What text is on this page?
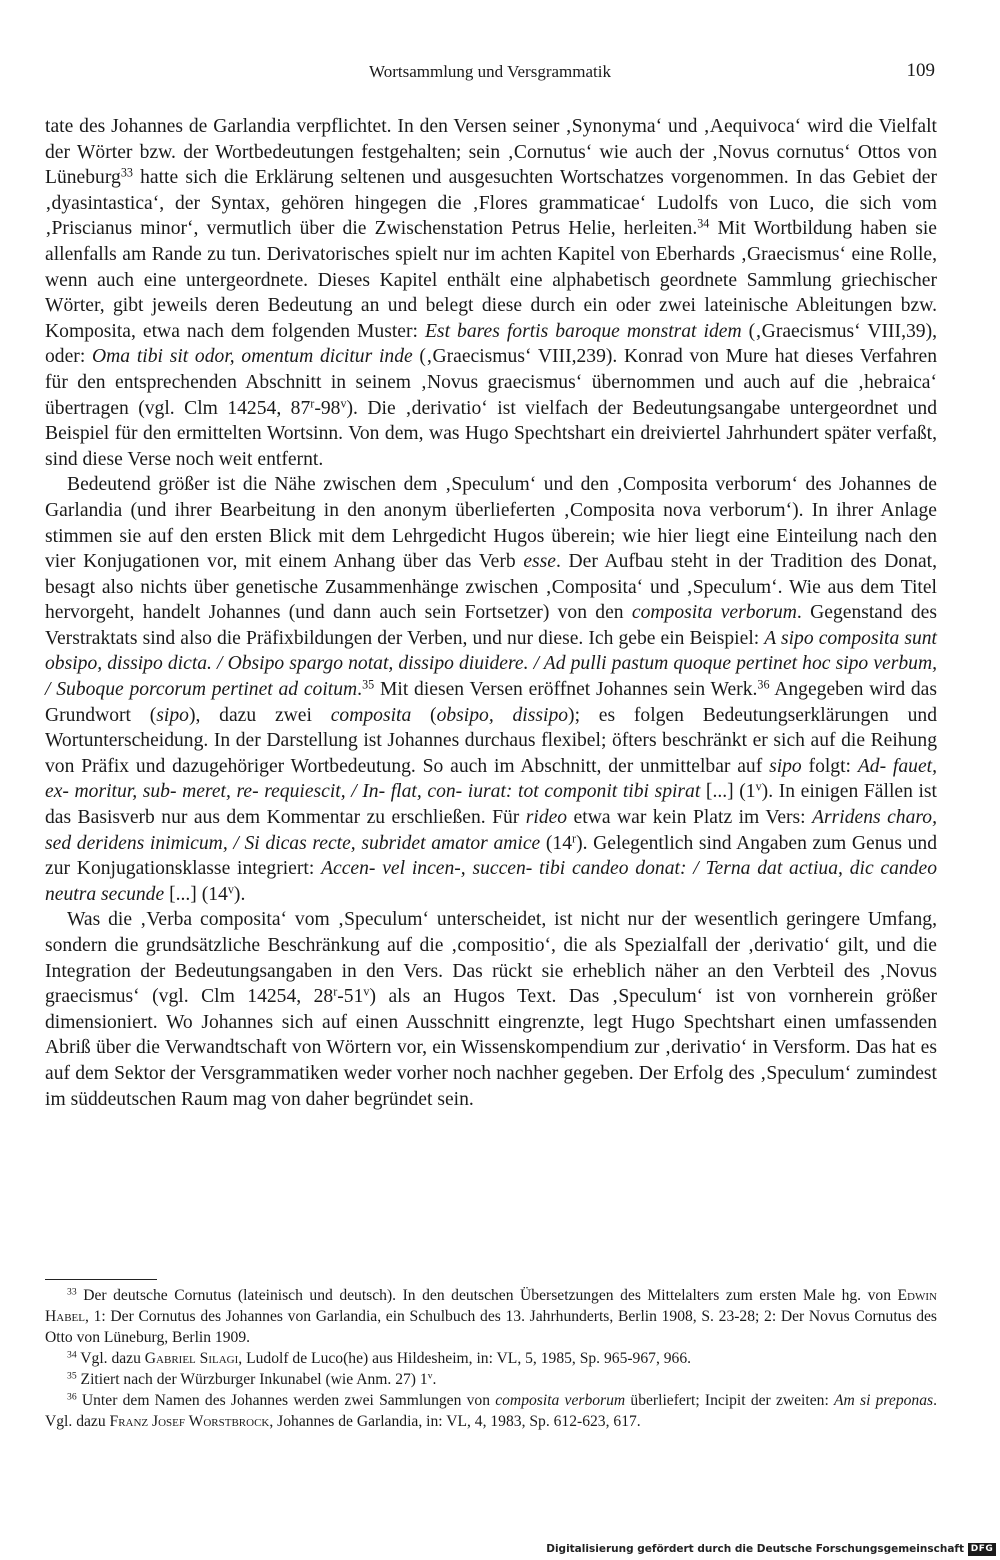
Wortsammlung und Versgrammatik	109

tate des Johannes de Garlandia verpflichtet. In den Versen seiner ‚Synonyma‘ und ‚Aequivoca‘ wird die Vielfalt der Wörter bzw. der Wortbedeutungen festgehalten; sein ‚Cornutus‘ wie auch der ‚Novus cornutus‘ Ottos von Lüneburg$^{33}$ hatte sich die Erklärung seltenen und ausgesuchten Wortschatzes vorgenommen. In das Gebiet der ‚dyasintastica‘, der Syntax, gehören hingegen die ‚Flores grammaticae‘ Ludolfs von Luco, die sich vom ‚Priscianus minor‘, vermutlich über die Zwischenstation Petrus Helie, herleiten.$^{34}$ Mit Wortbildung haben sie allenfalls am Rande zu tun. Derivatorisches spielt nur im achten Kapitel von Eberhards ‚Graecismus‘ eine Rolle, wenn auch eine untergeordnete. Dieses Kapitel enthält eine alphabetisch geordnete Sammlung griechischer Wörter, gibt jeweils deren Bedeutung an und belegt diese durch ein oder zwei lateinische Ableitungen bzw. Komposita, etwa nach dem folgenden Muster: Est bares fortis baroque monstrat idem (‚Graecismus‘ VIII,39), oder: Oma tibi sit odor, omentum dicitur inde (‚Graecismus‘ VIII,239). Konrad von Mure hat dieses Verfahren für den entsprechenden Abschnitt in seinem ‚Novus graecismus‘ übernommen und auch auf die ‚hebraica‘ übertragen (vgl. Clm 14254, 87$^r$-98$^v$). Die ‚derivatio‘ ist vielfach der Bedeutungsangabe untergeordnet und Beispiel für den ermittelten Wortsinn. Von dem, was Hugo Spechtshart ein dreiviertel Jahrhundert später verfaßt, sind diese Verse noch weit entfernt.

Bedeutend größer ist die Nähe zwischen dem ‚Speculum‘ und den ‚Composita verborum‘ des Johannes de Garlandia (und ihrer Bearbeitung in den anonym überlieferten ‚Composita nova verborum‘). In ihrer Anlage stimmen sie auf den ersten Blick mit dem Lehrgedicht Hugos überein; wie hier liegt eine Einteilung nach den vier Konjugationen vor, mit einem Anhang über das Verb esse. Der Aufbau steht in der Tradition des Donat, besagt also nichts über genetische Zusammenhänge zwischen ‚Composita‘ und ‚Speculum‘. Wie aus dem Titel hervorgeht, handelt Johannes (und dann auch sein Fortsetzer) von den composita verborum. Gegenstand des Verstraktats sind also die Präfixbildungen der Verben, und nur diese. Ich gebe ein Beispiel: A sipo composita sunt obsipo, dissipo dicta. / Obsipo spargo notat, dissipo diuidere. / Ad pulli pastum quoque pertinet hoc sipo verbum, / Suboque porcorum pertinet ad coitum.$^{35}$ Mit diesen Versen eröffnet Johannes sein Werk.$^{36}$ Angegeben wird das Grundwort (sipo), dazu zwei composita (obsipo, dissipo); es folgen Bedeutungserklärungen und Wortunterscheidung. In der Darstellung ist Johannes durchaus flexibel; öfters beschränkt er sich auf die Reihung von Präfix und dazugehöriger Wortbedeutung. So auch im Abschnitt, der unmittelbar auf sipo folgt: Ad- fauet, ex- moritur, sub- meret, re- requiescit, / In- flat, con- iurat: tot componit tibi spirat [...] (1$^v$). In einigen Fällen ist das Basisverb nur aus dem Kommentar zu erschließen. Für rideo etwa war kein Platz im Vers: Arridens charo, sed deridens inimicum, / Si dicas recte, subridet amator amice (14$^r$). Gelegentlich sind Angaben zum Genus und zur Konjugationsklasse integriert: Accen- vel incen-, succen- tibi candeo donat: / Terna dat actiua, dic candeo neutra secunde [...] (14$^v$).

Was die ‚Verba composita‘ vom ‚Speculum‘ unterscheidet, ist nicht nur der wesentlich geringere Umfang, sondern die grundsätzliche Beschränkung auf die ‚compositio‘, die als Spezialfall der ‚derivatio‘ gilt, und die Integration der Bedeutungsangaben in den Vers. Das rückt sie erheblich näher an den Verbteil des ‚Novus graecismus‘ (vgl. Clm 14254, 28$^r$-51$^v$) als an Hugos Text. Das ‚Speculum‘ ist von vornherein größer dimensioniert. Wo Johannes sich auf einen Ausschnitt eingrenzte, legt Hugo Spechtshart einen umfassenden Abriß über die Verwandtschaft von Wörtern vor, ein Wissenskompendium zur ‚derivatio‘ in Versform. Das hat es auf dem Sektor der Versgrammatiken weder vorher noch nachher gegeben. Der Erfolg des ‚Speculum‘ zumindest im süddeutschen Raum mag von daher begründet sein.

$^{33}$ Der deutsche Cornutus (lateinisch und deutsch). In den deutschen Übersetzungen des Mittelalters zum ersten Male hg. von Edwin Habel, 1: Der Cornutus des Johannes von Garlandia, ein Schulbuch des 13. Jahrhunderts, Berlin 1908, S. 23-28; 2: Der Novus Cornutus des Otto von Lüneburg, Berlin 1909.

$^{34}$ Vgl. dazu Gabriel Silagi, Ludolf de Luco(he) aus Hildesheim, in: VL, 5, 1985, Sp. 965-967, 966.

$^{35}$ Zitiert nach der Würzburger Inkunabel (wie Anm. 27) 1$^v$.

$^{36}$ Unter dem Namen des Johannes werden zwei Sammlungen von composita verborum überliefert; Incipit der zweiten: Am si preponas. Vgl. dazu Franz Josef Worstbrock, Johannes de Garlandia, in: VL, 4, 1983, Sp. 612-623, 617.

Digitalisierung gefördert durch die Deutsche Forschungsgemeinschaft DFG
